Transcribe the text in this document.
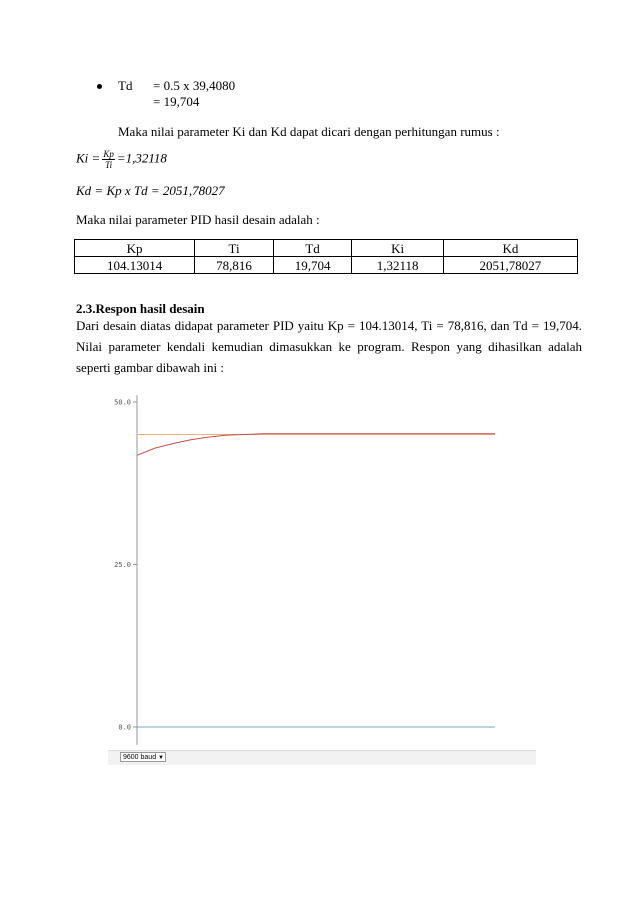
Td = 0.5 x 39,4080
= 19,704
Maka nilai parameter Ki dan Kd dapat dicari dengan perhitungan rumus :
$Ki = \frac{Kp}{Ti} =1,32118$
Kd = Kp x Td = 2051,78027
Maka nilai parameter PID hasil desain adalah :
Kp	Ti	Td	Ki	Kd
104.13014	78,816	19,704	1,32118	2051,78027
2.3.Respon hasil desain
Dari desain diatas didapat parameter PID yaitu Kp = 104.13014, Ti = 78,816, dan Td = 19,704. Nilai parameter kendali kemudian dimasukkan ke program. Respon yang dihasilkan adalah seperti gambar dibawah ini :
50.0
25.0
0.0
9600 baud ▼
